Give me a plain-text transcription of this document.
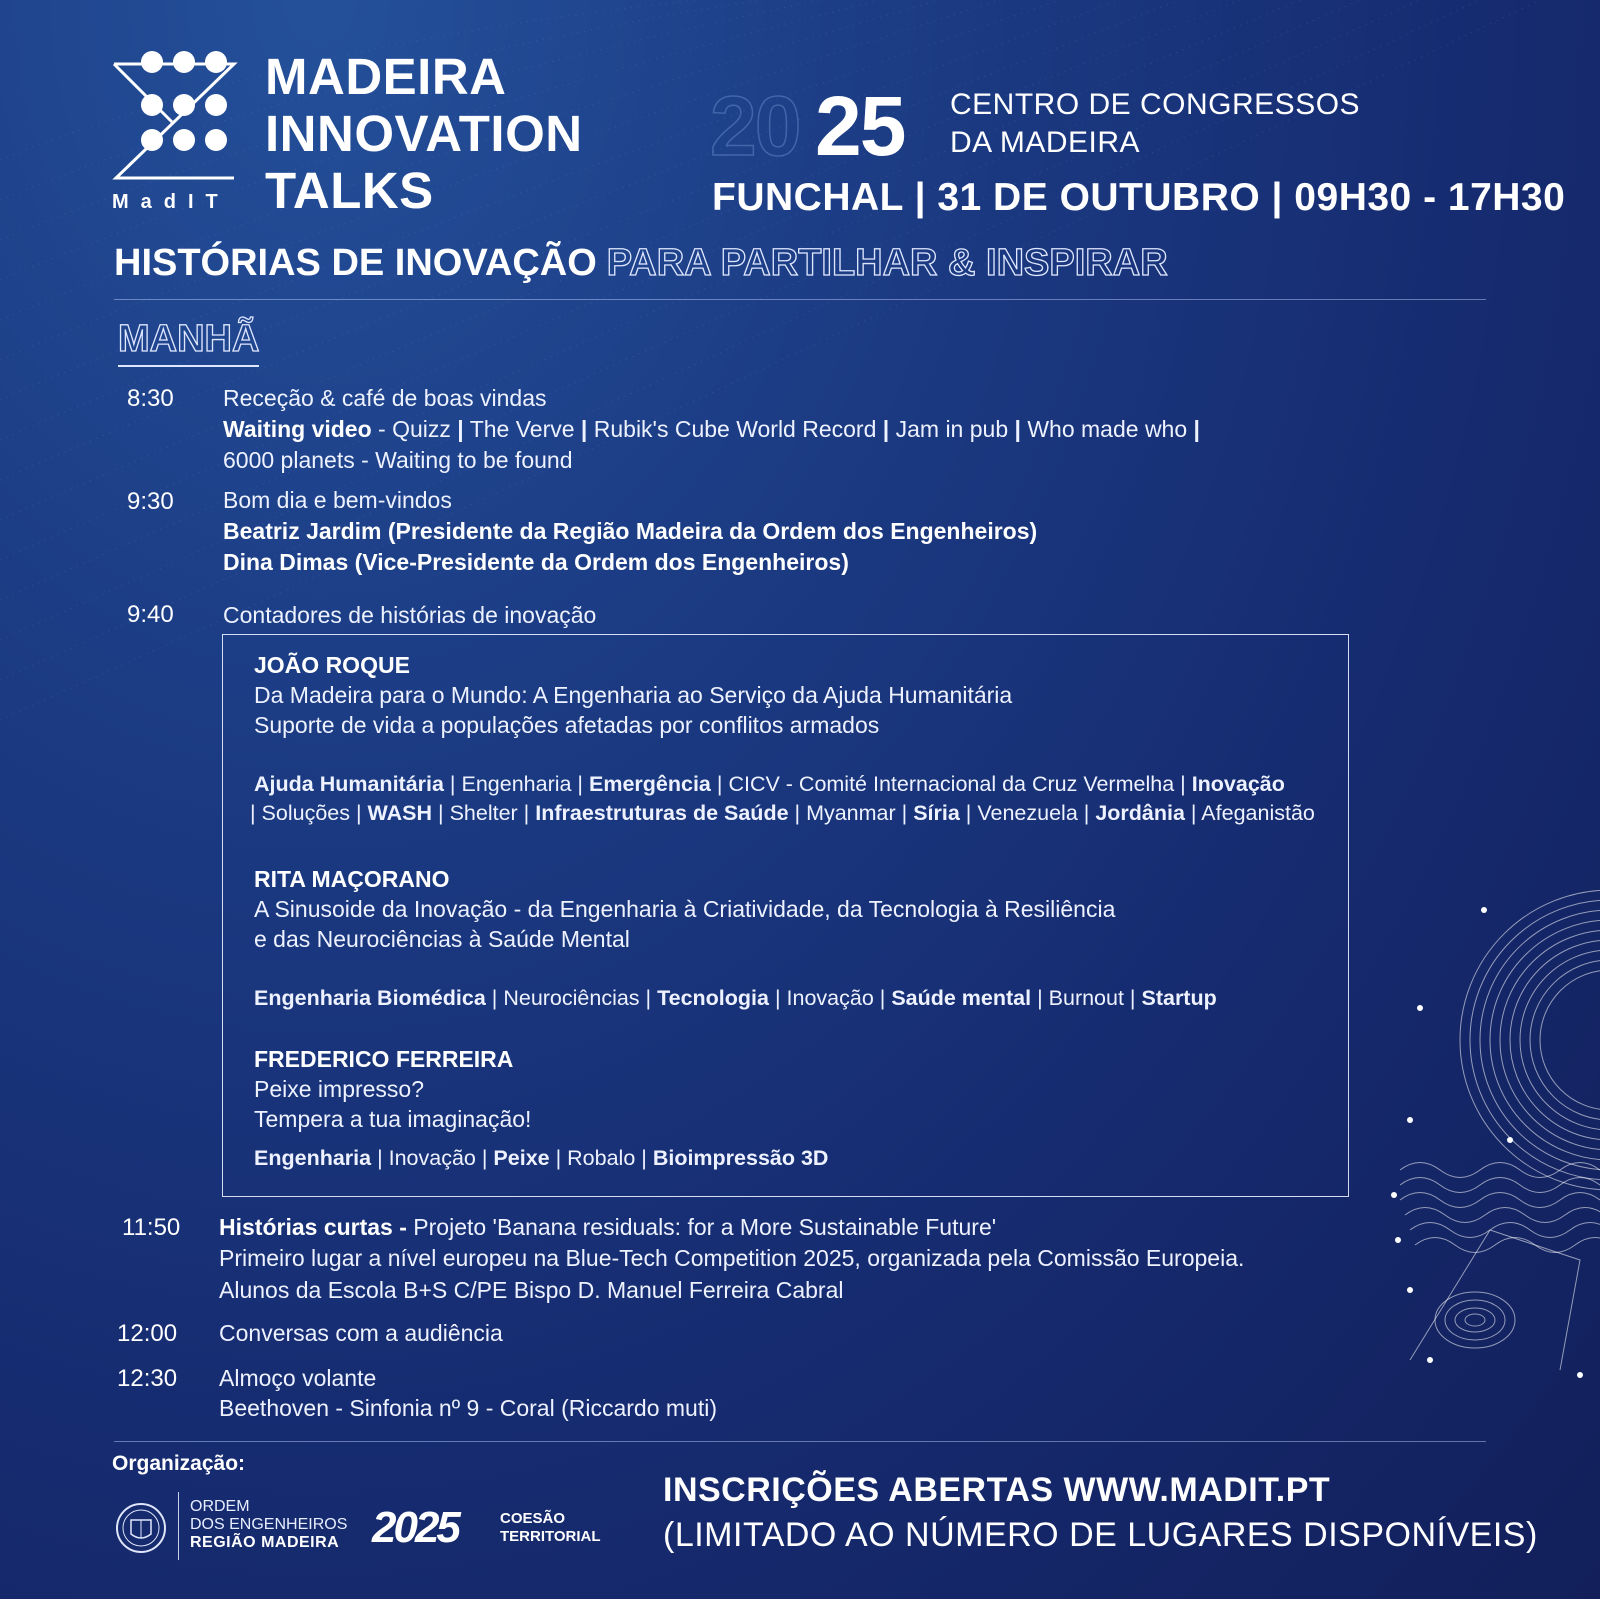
MadIT
MADEIRA
INNOVATION
TALKS
20 25 CENTRO DE CONGRESSOS
DA MADEIRA
FUNCHAL | 31 DE OUTUBRO | 09H30 - 17H30
HISTÓRIAS DE INOVAÇÃO PARA PARTILHAR & INSPIRAR
MANHÃ
8:30 Receção & café de boas vindas
Waiting video - Quizz | The Verve | Rubik's Cube World Record | Jam in pub | Who made who |
6000 planets - Waiting to be found
9:30 Bom dia e bem-vindos
Beatriz Jardim (Presidente da Região Madeira da Ordem dos Engenheiros)
Dina Dimas (Vice-Presidente da Ordem dos Engenheiros)
9:40 Contadores de histórias de inovação
JOÃO ROQUE
Da Madeira para o Mundo: A Engenharia ao Serviço da Ajuda Humanitária
Suporte de vida a populações afetadas por conflitos armados
Ajuda Humanitária | Engenharia | Emergência | CICV - Comité Internacional da Cruz Vermelha | Inovação
| Soluções | WASH | Shelter | Infraestruturas de Saúde | Myanmar | Síria | Venezuela | Jordânia | Afeganistão
RITA MAÇORANO
A Sinusoide da Inovação - da Engenharia à Criatividade, da Tecnologia à Resiliência
e das Neurociências à Saúde Mental
Engenharia Biomédica | Neurociências | Tecnologia | Inovação | Saúde mental | Burnout | Startup
FREDERICO FERREIRA
Peixe impresso?
Tempera a tua imaginação!
Engenharia | Inovação | Peixe | Robalo | Bioimpressão 3D
11:50 Histórias curtas - Projeto 'Banana residuals: for a More Sustainable Future'
Primeiro lugar a nível europeu na Blue-Tech Competition 2025, organizada pela Comissão Europeia.
Alunos da Escola B+S C/PE Bispo D. Manuel Ferreira Cabral
12:00 Conversas com a audiência
12:30 Almoço volante
Beethoven - Sinfonia nº 9 - Coral (Riccardo muti)
Organização:
ORDEM
DOS ENGENHEIROS
REGIÃO MADEIRA 2025	COESÃO
TERRITORIAL
INSCRIÇÕES ABERTAS WWW.MADIT.PT
(LIMITADO AO NÚMERO DE LUGARES DISPONÍVEIS)
